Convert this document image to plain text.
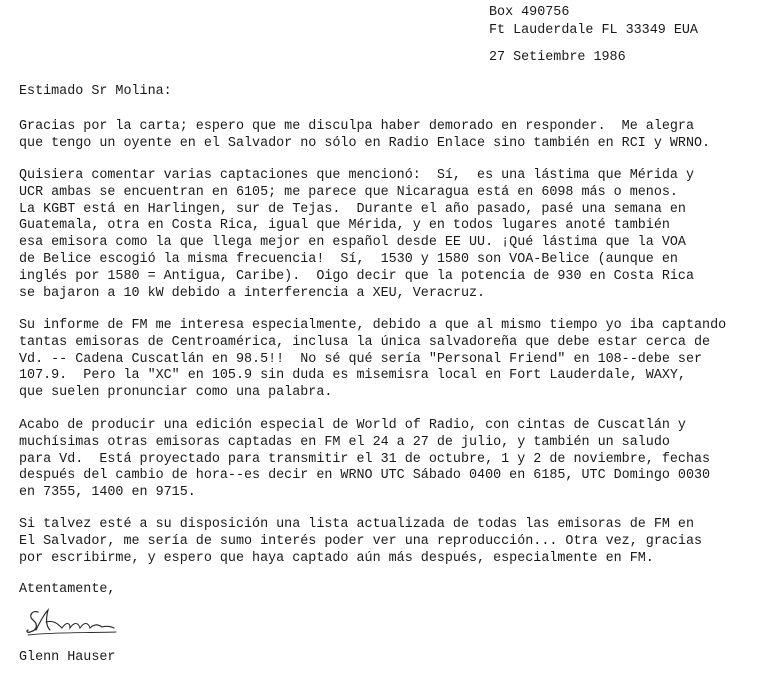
Box 490756
Ft Lauderdale FL 33349 EUA
27 Setiembre 1986
Estimado Sr Molina:
Gracias por la carta; espero que me disculpa haber demorado en responder.  Me alegra
que tengo un oyente en el Salvador no sólo en Radio Enlace sino también en RCI y WRNO.
Quisiera comentar varias captaciones que mencionó:  Sí,  es una lástima que Mérida y
UCR ambas se encuentran en 6105; me parece que Nicaragua está en 6098 más o menos.
La KGBT está en Harlingen, sur de Tejas.  Durante el año pasado, pasé una semana en
Guatemala, otra en Costa Rica, igual que Mérida, y en todos lugares anoté también
esa emisora como la que llega mejor en español desde EE UU. ¡Qué lástima que la VOA
de Belice escogió la misma frecuencia!  Sí,  1530 y 1580 son VOA-Belice (aunque en
inglés por 1580 = Antigua, Caribe).  Oigo decir que la potencia de 930 en Costa Rica
se bajaron a 10 kW debido a interferencia a XEU, Veracruz.
Su informe de FM me interesa especialmente, debido a que al mismo tiempo yo iba captando
tantas emisoras de Centroamérica, inclusa la única salvadoreña que debe estar cerca de
Vd. -- Cadena Cuscatlán en 98.5!!  No sé qué sería "Personal Friend" en 108--debe ser
107.9.  Pero la "XC" en 105.9 sin duda es misemisra local en Fort Lauderdale, WAXY,
que suelen pronunciar como una palabra.
Acabo de producir una edición especial de World of Radio, con cintas de Cuscatlán y
muchísimas otras emisoras captadas en FM el 24 a 27 de julio, y también un saludo
para Vd.  Está proyectado para transmitir el 31 de octubre, 1 y 2 de noviembre, fechas
después del cambio de hora--es decir en WRNO UTC Sábado 0400 en 6185, UTC Domingo 0030
en 7355, 1400 en 9715.
Si talvez esté a su disposición una lista actualizada de todas las emisoras de FM en
El Salvador, me sería de sumo interés poder ver una reproducción... Otra vez, gracias
por escribirme, y espero que haya captado aún más después, especialmente en FM.
Atentamente,
Glenn Hauser
